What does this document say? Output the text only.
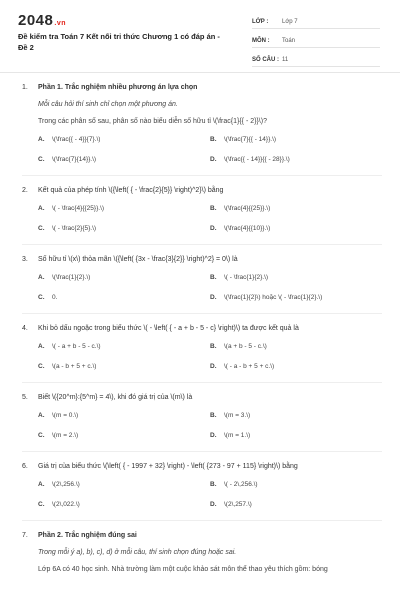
2048.vn
Đề kiểm tra Toán 7 Kết nối tri thức Chương 1 có đáp án - Đề 2
LỚP :	Lớp 7
MÔN :	Toán
SỐ CÂU : 11
1.	Phần 1. Trắc nghiệm nhiều phương án lựa chọn
Mỗi câu hỏi thí sinh chỉ chọn một phương án.
Trong các phân số sau, phân số nào biểu diễn số hữu tỉ \(\frac{1}{{ - 2}}\)?
A.	\(\frac{{ - 4}}{7}.\)	B.	\(\frac{7}{{ - 14}}.\)
C.	\(\frac{7}{14}}.\)	D.	\(\frac{{ - 14}}{{ - 28}}.\)
2.	Kết quả của phép tính \({\left( { - \frac{2}{5}} \right)^2}\) bằng
A.	\( - \frac{4}{{25}}.\)	B.	\(\frac{4}{{25}}.\)
C.	\( - \frac{2}{5}.\)	D.	\(\frac{4}{{10}}.\)
3.	Số hữu tỉ \(x\) thỏa mãn \({\left( {3x - \frac{3}{2}} \right)^2} = 0\) là
A.	\(\frac{1}{2}.\)	B.	\( - \frac{1}{2}.\)
C.	0.	D.	\(\frac{1}{2}\) hoặc \( - \frac{1}{2}.\)
4.	Khi bỏ dấu ngoặc trong biểu thức \( - \left( { - a + b - 5 - c} \right)\) ta được kết quả là
A.	\( - a + b - 5 - c.\)	B.	\(a + b - 5 - c.\)
C.	\(a - b + 5 + c.\)	D.	\( - a - b + 5 + c.\)
5.	Biết \({20^m}:{5^m} = 4\), khi đó giá trị của \(m\) là
A.	\(m = 0.\)	B.	\(m = 3.\)
C.	\(m = 2.\)	D.	\(m = 1.\)
6.	Giá trị của biểu thức \(\left( { - 1997 + 32} \right) - \left( {273 - 97 + 115} \right)\) bằng
A.	\(2\,256.\)	B.	\( - 2\,256.\)
C.	\(2\,022.\)	D.	\(2\,257.\)
7.	Phần 2. Trắc nghiệm đúng sai
Trong mỗi ý a), b), c), d) ở mỗi câu, thí sinh chọn đúng hoặc sai.
Lớp 6A có 40 học sinh. Nhà trường làm một cuộc khảo sát môn thể thao yêu thích gồm: bóng
